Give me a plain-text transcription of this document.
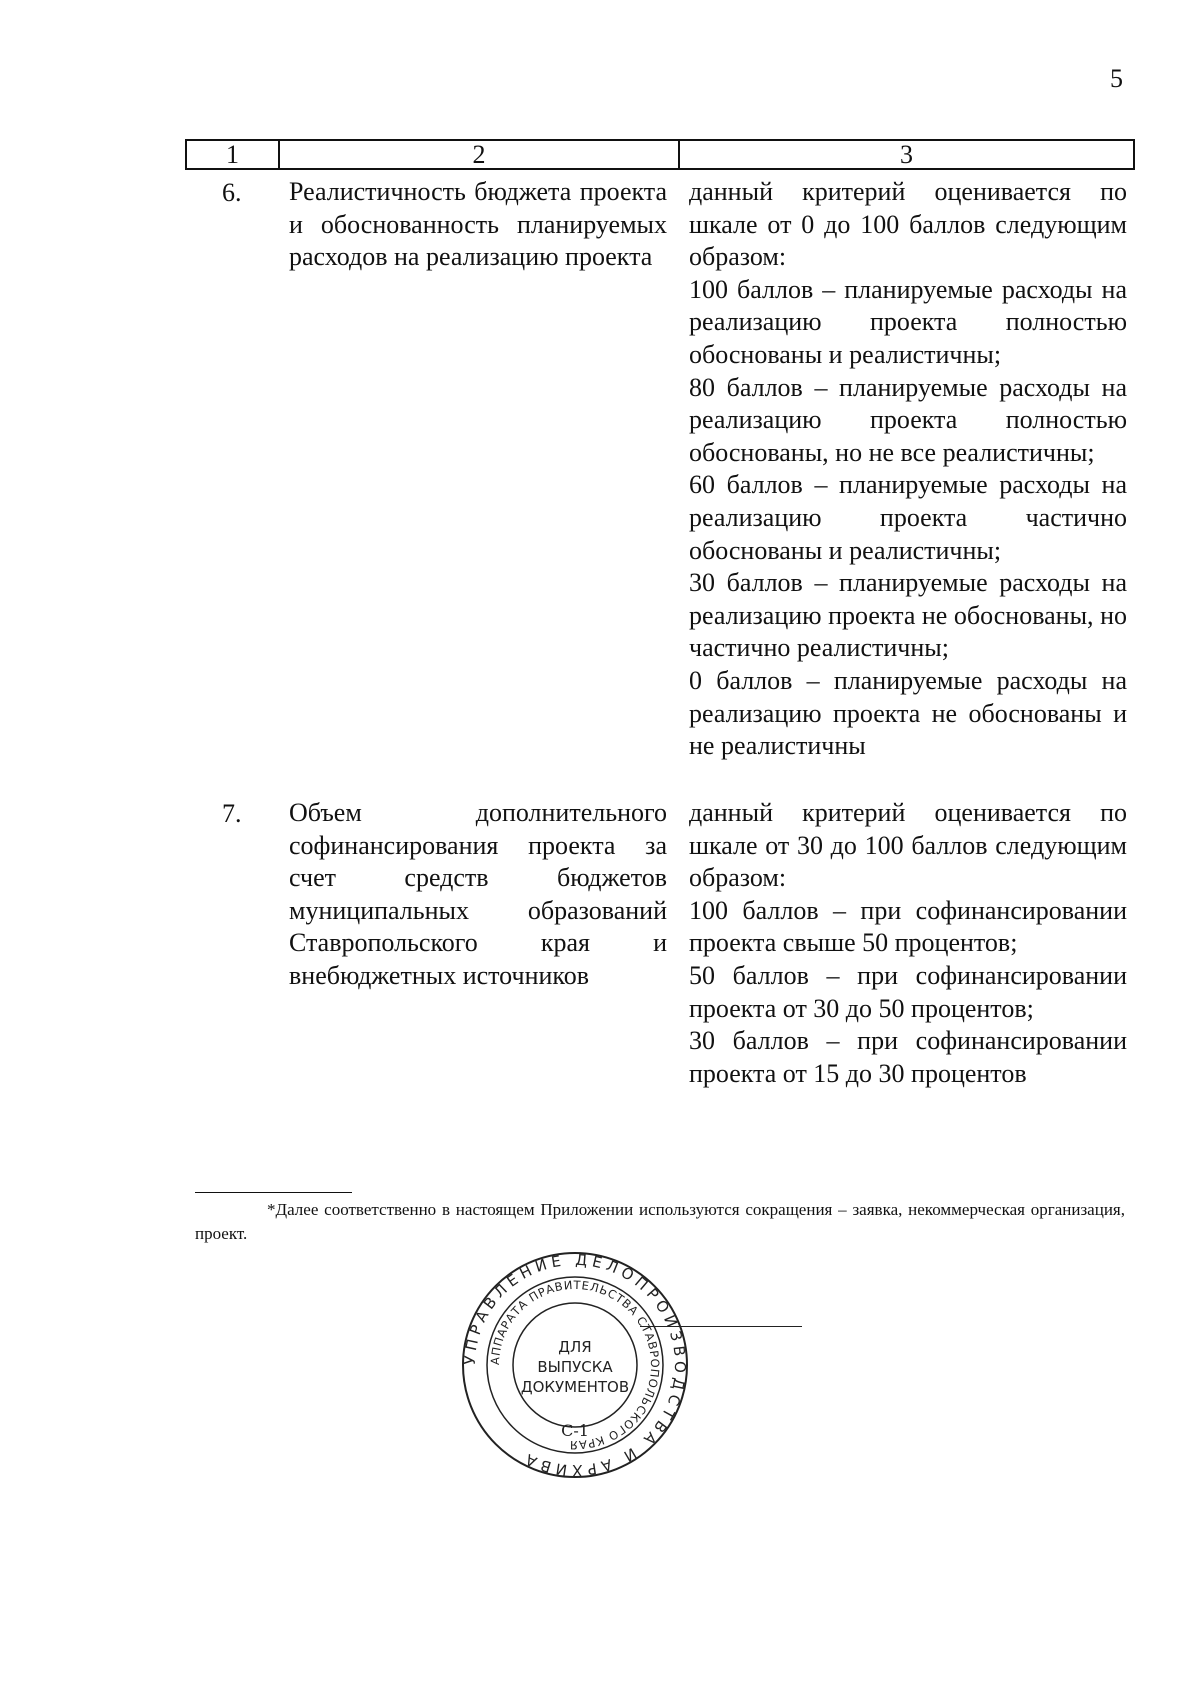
5
1	2	3
6. Реалистичность бюджета проекта и обоснованность планируемых расходов на реализацию проекта

данный критерий оценивается по шкале от 0 до 100 баллов следующим образом:

100 баллов – планируемые расходы на реализацию проекта полностью обоснованы и реалистичны;

80 баллов – планируемые расходы на реализацию проекта полностью обоснованы, но не все реалистичны;

60 баллов – планируемые расходы на реализацию проекта частично обоснованы и реалистичны;

30 баллов – планируемые расходы на реализацию проекта не обоснованы, но частично реалистичны;

0 баллов – планируемые расходы на реализацию проекта не обоснованы и не реалистичны

7. Объем дополнительного софинансирования проекта за счет средств бюджетов муниципальных образований Ставропольского края и внебюджетных источников

данный критерий оценивается по шкале от 30 до 100 баллов следующим образом:

100 баллов – при софинансировании проекта свыше 50 процентов;

50 баллов – при софинансировании проекта от 30 до 50 процентов;

30 баллов – при софинансировании проекта от 15 до 30 процентов

*Далее соответственно в настоящем Приложении используются сокращения – заявка, некоммерческая организация, проект.
УПРАВЛЕНИЕ ДЕЛОПРОИЗВОДСТВА И АРХИВА
АППАРАТА ПРАВИТЕЛЬСТВА СТАВРОПОЛЬСКОГО КРАЯ
ДЛЯ
ВЫПУСКА
ДОКУМЕНТОВ
С-1
